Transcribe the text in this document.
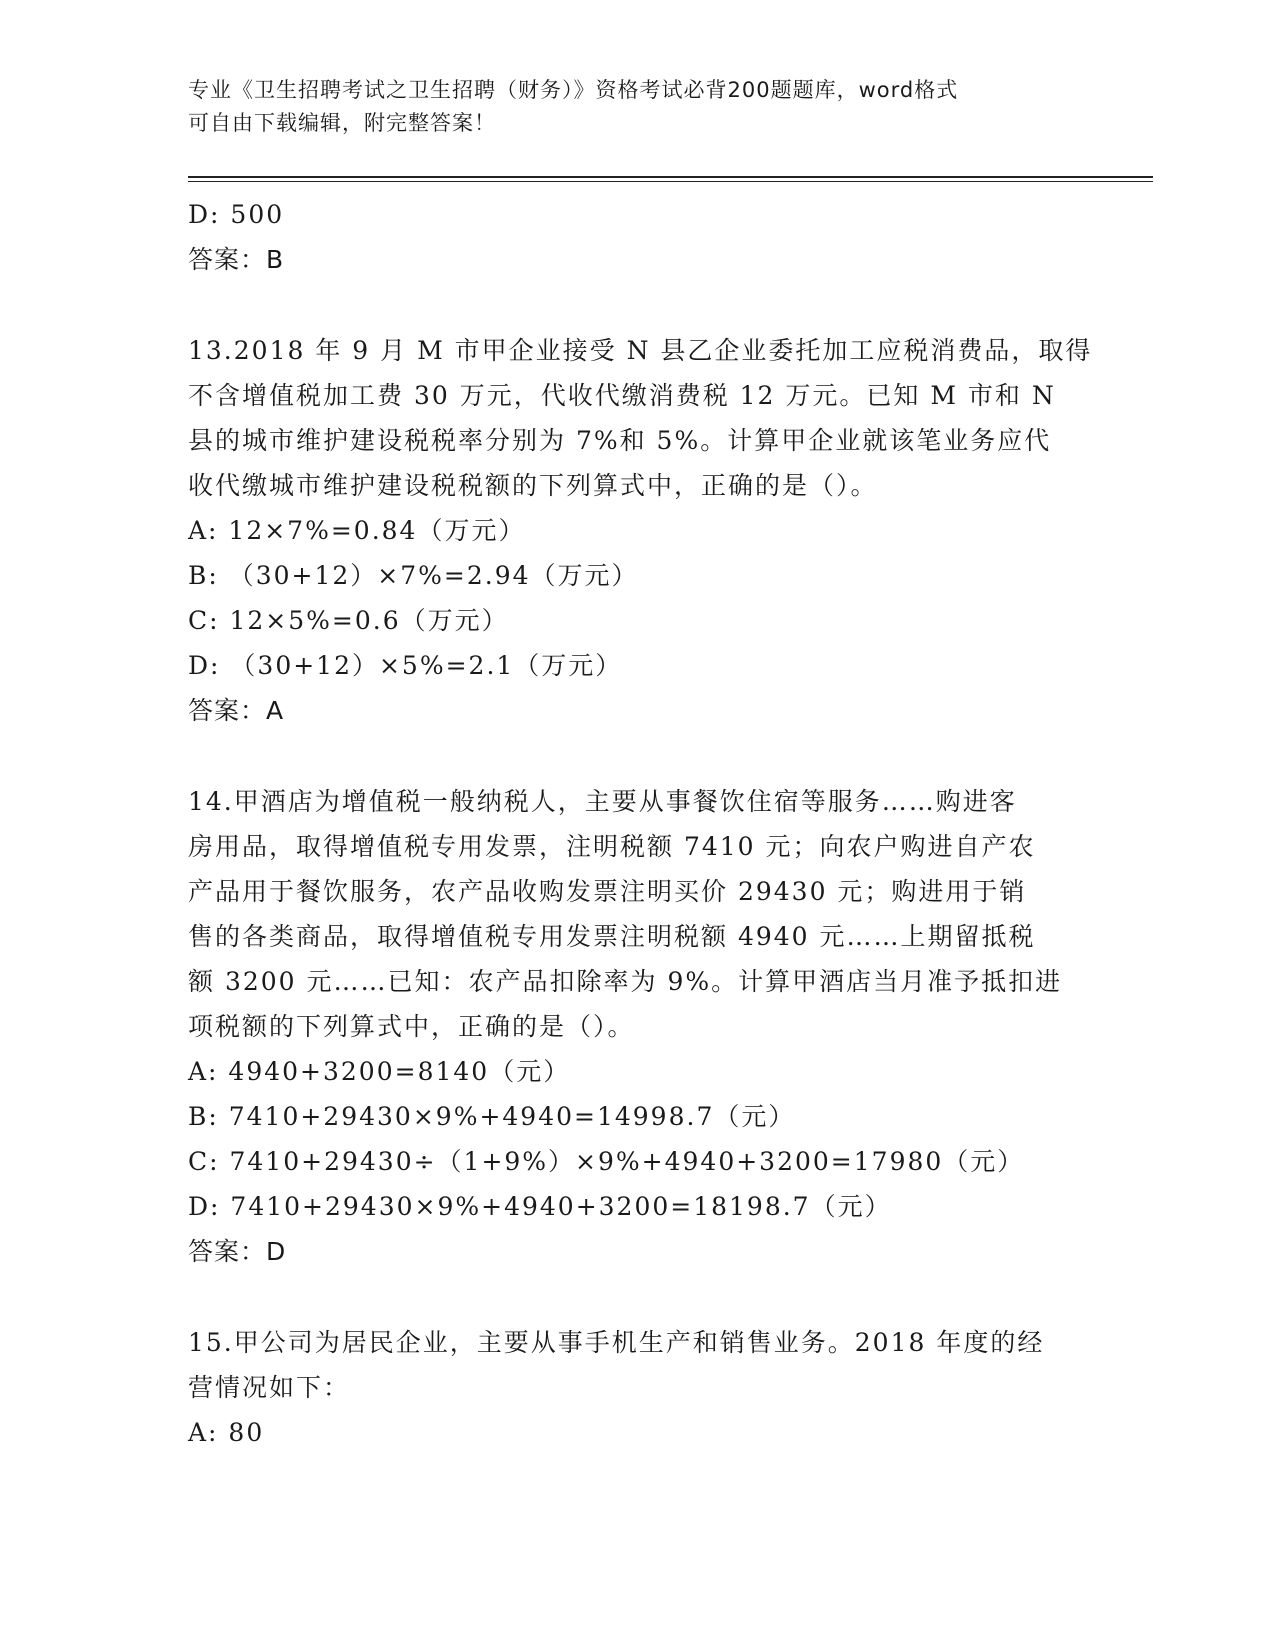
专业《卫生招聘考试之卫生招聘（财务）》资格考试必背200题题库，word格式
可自由下载编辑，附完整答案！
D: 500
答案：B
13.2018 年 9 月 M 市甲企业接受 N 县乙企业委托加工应税消费品，取得
不含增值税加工费 30 万元，代收代缴消费税 12 万元。已知 M 市和 N
县的城市维护建设税税率分别为 7%和 5%。计算甲企业就该笔业务应代
收代缴城市维护建设税税额的下列算式中，正确的是（）。
A: 12×7%=0.84（万元）
B: （30+12）×7%=2.94（万元）
C: 12×5%=0.6（万元）
D: （30+12）×5%=2.1（万元）
答案：A
14.甲酒店为增值税一般纳税人，主要从事餐饮住宿等服务……购进客
房用品，取得增值税专用发票，注明税额 7410 元；向农户购进自产农
产品用于餐饮服务，农产品收购发票注明买价 29430 元；购进用于销
售的各类商品，取得增值税专用发票注明税额 4940 元……上期留抵税
额 3200 元……已知：农产品扣除率为 9%。计算甲酒店当月准予抵扣进
项税额的下列算式中，正确的是（）。
A: 4940+3200=8140（元）
B: 7410+29430×9%+4940=14998.7（元）
C: 7410+29430÷（1+9%）×9%+4940+3200=17980（元）
D: 7410+29430×9%+4940+3200=18198.7（元）
答案：D
15.甲公司为居民企业，主要从事手机生产和销售业务。2018 年度的经
营情况如下：
A: 80
